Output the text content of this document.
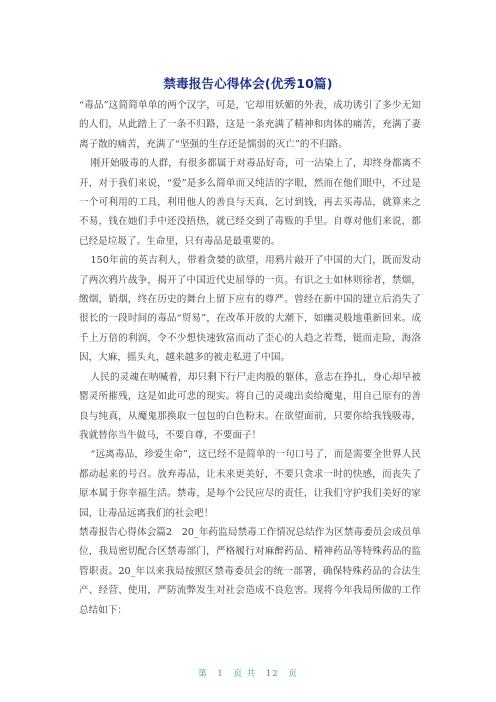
禁毒报告心得体会(优秀10篇)

“毒品”这简简单单的两个汉字，可是，它却用妖媚的外表，成功诱引了多少无知的人们，从此踏上了一条不归路，这是一条充满了精神和肉体的痛苦，充满了妻离子散的痛苦，充满了“坚强的生存还是懦弱的灭亡”的不归路。

刚开始吸毒的人群，有很多都属于对毒品好奇，可一沾染上了，却终身都离不开，对于我们来说，“爱”是多么简单而又纯洁的字眼，然而在他们眼中，不过是一个可利用的工具，利用他人的善良与天真，乞讨到钱，再去买毒品，就算来之不易，钱在她们手中还没捂热，就已经交到了毒贩的手里。自尊对他们来说，都已经是垃圾了。生命里，只有毒品是最重要的。

150年前的英吉利人，带着贪婪的欲望，用鸦片敲开了中国的大门，既而发动了两次鸦片战争，揭开了中国近代史屈辱的一页。有识之士如林则徐者，禁烟，缴烟，销烟，终在历史的舞台上留下应有的尊严。曾经在新中国的建立后消失了很长的一段时间的毒品“贸易”，在改革开放的大潮下，如幽灵般地重新回来。成千上万倍的利润，令不少想快速致富而动了歪心的人趋之若骛，铤而走险，海洛因，大麻，摇头丸，越来越多的被走私进了中国。

人民的灵魂在呐喊着，却只剩下行尸走肉般的躯体，意志在挣扎，身心却早被罂灵所摧残，这是如此可悲的现实。将自己的灵魂出卖给魔鬼，用自己原有的善良与纯真，从魔鬼那换取一包包的白色粉末。在欲望面前，只要你给我钱吸毒，我就替你当牛做马，不要自尊，不要面子！

“远离毒品，珍爱生命”，这已经不是简单的一句口号了，而是需要全世界人民都动起来的号召。放弃毒品，让未来更美好，不要只贪求一时的快感，而丧失了原本属于你幸福生活。禁毒，是每个公民应尽的责任，让我们守护我们美好的家园，让毒品远离我们的社会吧！

禁毒报告心得体会篇2　20_年药监局禁毒工作情况总结作为区禁毒委员会成员单位，我局密切配合区禁毒部门，严格履行对麻醉药品、精神药品等特殊药品的监管职责。20_年以来我局按照区禁毒委员会的统一部署，确保特殊药品的合法生产、经营、使用，严防流弊发生对社会造成不良危害。现将今年我局所做的工作总结如下：

第 1 页 共 12 页
